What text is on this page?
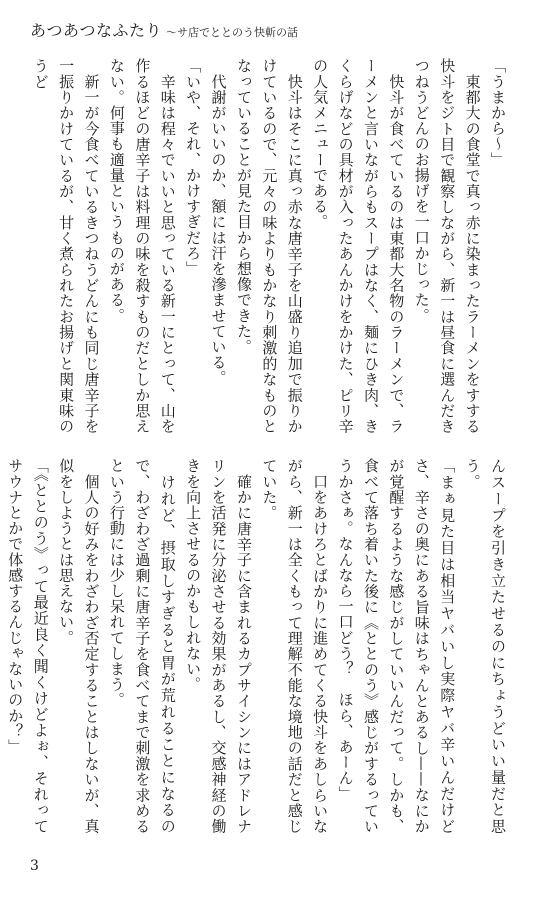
あつあつなふたり 〜サ店でととのう快斬の話

「うまから〜」

　東都大の食堂で真っ赤に染まったラーメンをすする快斗をジト目で観察しながら、新一は昼食に選んだきつねうどんのお揚げを一口かじった。

　快斗が食べているのは東都大名物のラーメンで、ラーメンと言いながらもスープはなく、麺にひき肉、きくらげなどの具材が入ったあんかけをかけた、ピリ辛の人気メニューである。

　快斗はそこに真っ赤な唐辛子を山盛り追加で振りかけているので、元々の味よりもかなり刺激的なものとなっていることが見た目から想像できた。

　代謝がいいのか、額には汗を滲ませている。

「いや、それ、かけすぎだろ」

　辛味は程々でいいと思っている新一にとって、山を作るほどの唐辛子は料理の味を殺すものだとしか思えない。何事も適量というものがある。

　新一が今食べているきつねうどんにも同じ唐辛子を一振りかけているが、甘く煮られたお揚げと関東味のうど

んスープを引き立たせるのにちょうどいい量だと思う。

「まぁ見た目は相当ヤバいし実際ヤバ辛いんだけどさ、辛さの奥にある旨味はちゃんとあるし——なにかが覚醒するような感じがしていいんだって。しかも、食べて落ち着いた後に《ととのう》感じがするっていうかさぁ。なんなら一口どう？　ほら、あーん」

　口をあけろとばかりに進めてくる快斗をあしらいながら、新一は全くもって理解不能な境地の話だと感じていた。

　確かに唐辛子に含まれるカプサイシンにはアドレナリンを活発に分泌させる効果があるし、交感神経の働きを向上させるのかもしれない。

　けれど、摂取しすぎると胃が荒れることになるので、わざわざ過剰に唐辛子を食べてまで刺激を求めるという行動には少し呆れてしまう。

　個人の好みをわざわざ否定することはしないが、真似をしようとは思えない。

「《ととのう》って最近良く聞くけどよぉ、それってサウナとかで体感するんじゃないのか？」

3
